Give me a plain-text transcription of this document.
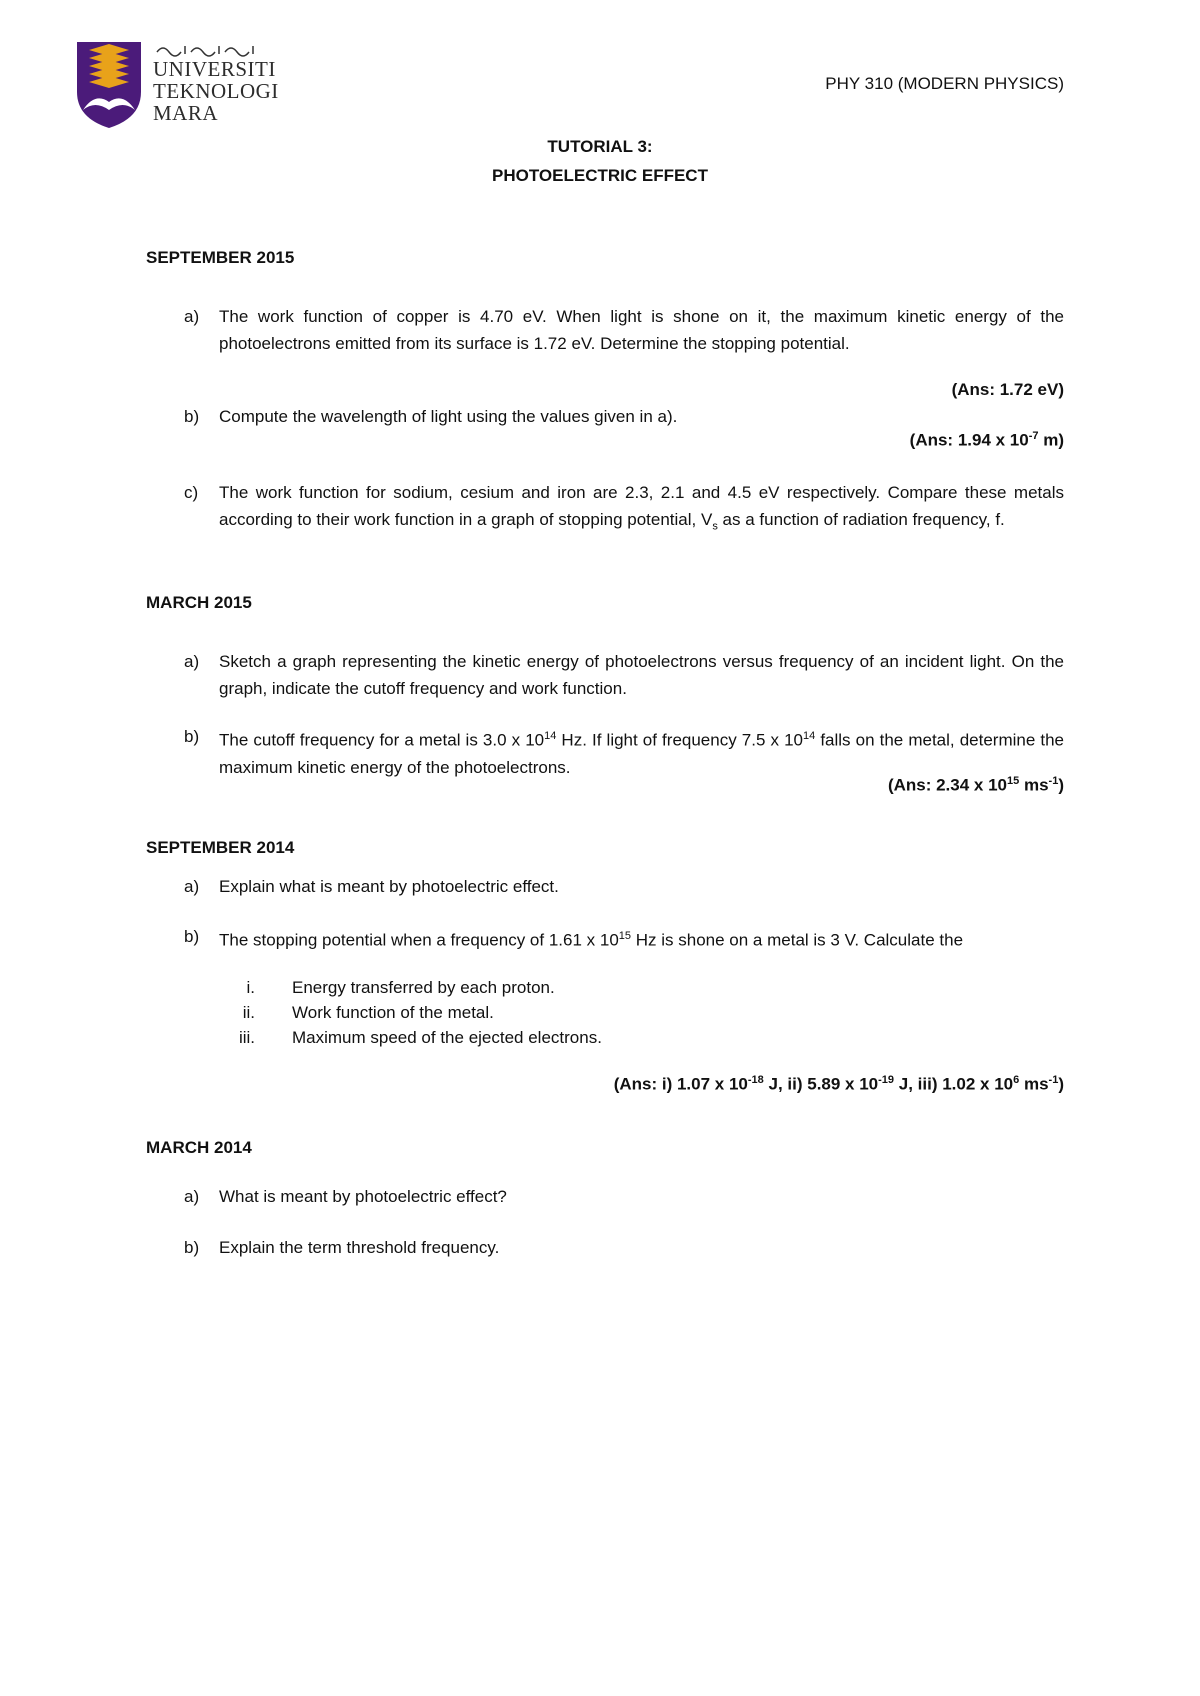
UNIVERSITI
TEKNOLOGI
MARA
PHY 310 (MODERN PHYSICS)
TUTORIAL 3:
PHOTOELECTRIC EFFECT
SEPTEMBER 2015
a)	The work function of copper is 4.70 eV. When light is shone on it, the maximum kinetic energy of the photoelectrons emitted from its surface is 1.72 eV. Determine the stopping potential.
(Ans: 1.72 eV)
b)	Compute the wavelength of light using the values given in a).
(Ans: 1.94 x $10^{-7}$ m)
c)	The work function for sodium, cesium and iron are 2.3, 2.1 and 4.5 eV respectively. Compare these metals according to their work function in a graph of stopping potential, $V_s$ as a function of radiation frequency, f.
MARCH 2015
a)	Sketch a graph representing the kinetic energy of photoelectrons versus frequency of an incident light. On the graph, indicate the cutoff frequency and work function.
b)	The cutoff frequency for a metal is 3.0 x $10^{14}$ Hz. If light of frequency 7.5 x $10^{14}$ falls on the metal, determine the maximum kinetic energy of the photoelectrons.
(Ans: 2.34 x $10^{15}$ $ms^{-1}$)
SEPTEMBER 2014
a)	Explain what is meant by photoelectric effect.
b)	The stopping potential when a frequency of 1.61 x $10^{15}$ Hz is shone on a metal is 3 V. Calculate the
i. Energy transferred by each proton.
ii. Work function of the metal.
iii. Maximum speed of the ejected electrons.
(Ans: i) 1.07 x $10^{-18}$ J, ii) 5.89 x $10^{-19}$ J, iii) 1.02 x $10^6$ $ms^{-1}$)
MARCH 2014
a)	What is meant by photoelectric effect?
b)	Explain the term threshold frequency.
